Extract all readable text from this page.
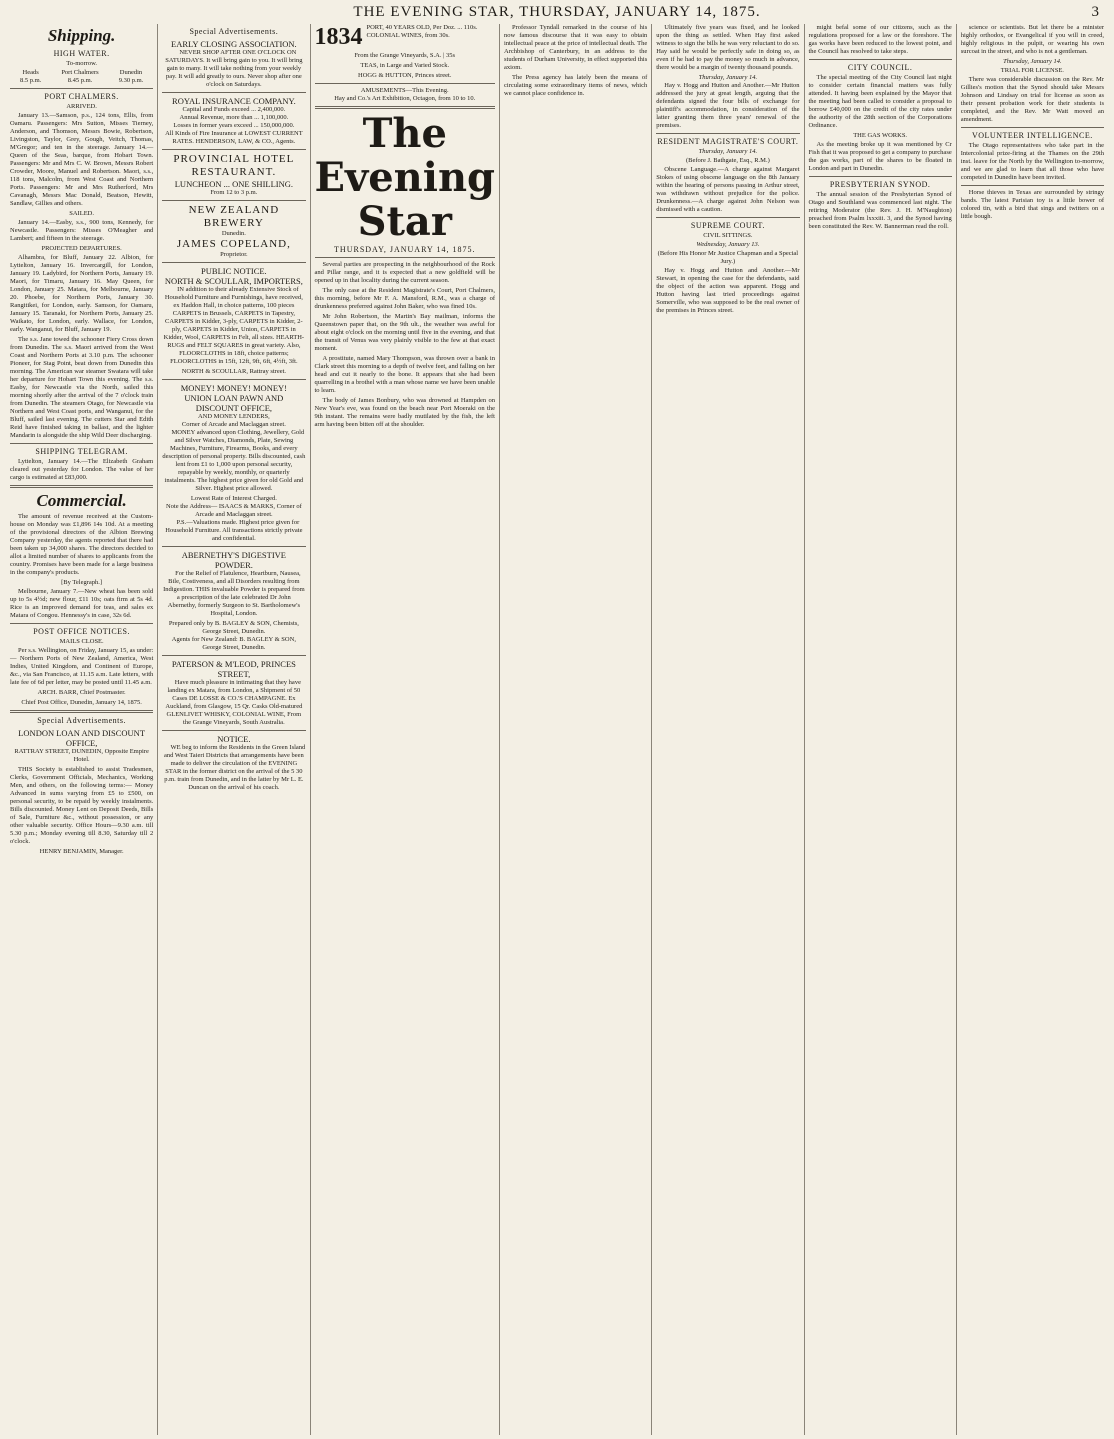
THE EVENING STAR, THURSDAY, JANUARY 14, 1875.	3
Shipping.
HIGH WATER.
To-morrow.
Heads
8.5 p.m.
Port Chalmers
8.45 p.m.
Dunedin
9.30 p.m.
PORT CHALMERS.
ARRIVED.

January 13.—Samson, p.s., 124 tons, Ellis, from Oamaru. Passengers: Mrs Sutton, Misses Tierney, Anderson, and Thomson, Messrs Bowie, Robertson, Livingston, Taylor, Grey, Gough, Veitch, Thomas, M'Gregor; and ten in the steerage. January 14.—Queen of the Seas, barque, from Hobart Town. Passengers: Mr and Mrs C. W. Brown, Messrs Robert Crowder, Moore, Manuel and Robertson. Maori, s.s., 118 tons, Malcolm, from West Coast and Northern Ports. Passengers: Mr and Mrs Rutherford, Mrs Cavanagh, Messrs Mac Donald, Beatson, Hewitt, Sandlaw, Gillies and others.

SAILED.

January 14.—Easby, s.s., 900 tons, Kennedy, for Newcastle. Passengers: Misses O'Meagher and Lambert; and fifteen in the steerage.

PROJECTED DEPARTURES.

Alhambra, for Bluff, January 22. Albion, for Lyttelton, January 16. Invercargill, for London, January 19. Ladybird, for Northern Ports, January 19. Maori, for Timaru, January 16. May Queen, for London, January 25. Matara, for Melbourne, January 20. Phoebe, for Northern Ports, January 30. Rangitikei, for London, early. Samson, for Oamaru, January 15. Taranaki, for Northern Ports, January 25. Waikato, for London, early. Wallace, for London, early. Wanganui, for Bluff, January 19.

The s.s. Jane towed the schooner Fiery Cross down from Dunedin. The s.s. Maori arrived from the West Coast and Northern Ports at 3.10 p.m. The schooner Pioneer, for Stag Point, beat down from Dunedin this morning. The American war steamer Swatara will take her departure for Hobart Town this evening. The s.s. Easby, for Newcastle via the North, sailed this morning shortly after the arrival of the 7 o'clock train from Dunedin. The steamers Otago, for Newcastle via Northern and West Coast ports, and Wanganui, for the Bluff, sailed last evening. The cutters Star and Edith Reid have finished taking in ballast, and the lighter Mandarin is alongside the ship Wild Deer discharging.

SHIPPING TELEGRAM.

Lyttelton, January 14.—The Elizabeth Graham cleared out yesterday for London. The value of her cargo is estimated at £83,000.

Commercial.

The amount of revenue received at the Custom-house on Monday was £1,896 14s 10d. At a meeting of the provisional directors of the Albion Brewing Company yesterday, the agents reported that there had been taken up 34,000 shares. The directors decided to allot a limited number of shares to applicants from the country. Promises have been made for a large business in the company's products.

[By Telegraph.]

Melbourne, January 7.—New wheat has been sold up to 5s 4½d; new flour, £11 10s; oats firm at 5s 4d. Rice is an improved demand for teas, and sales ex Matara of Congou. Hennessy's in case, 32s 6d.

POST OFFICE NOTICES.
MAILS CLOSE.

Per s.s. Wellington, on Friday, January 15, as under:— Northern Ports of New Zealand, America, West Indies, United Kingdom, and Continent of Europe, &c., via San Francisco, at 11.15 a.m. Late letters, with late fee of 6d per letter, may be posted until 11.45 a.m.

ARCH. BARR, Chief Postmaster.
Chief Post Office, Dunedin, January 14, 1875.
Special Advertisements.
LONDON LOAN AND DISCOUNT OFFICE,
RATTRAY STREET, DUNEDIN, Opposite Empire Hotel.

THIS Society is established to assist Tradesmen, Clerks, Government Officials, Mechanics, Working Men, and others, on the following terms:— Money Advanced in sums varying from £5 to £500, on personal security, to be repaid by weekly instalments. Bills discounted. Money Lent on Deposit Deeds, Bills of Sale, Furniture &c., without possession, or any other valuable security. Office Hours—9.30 a.m. till 5.30 p.m.; Monday evening till 8.30, Saturday till 2 o'clock.

HENRY BENJAMIN, Manager.
Special Advertisements.
EARLY CLOSING ASSOCIATION.

NEVER SHOP AFTER ONE O'CLOCK ON SATURDAYS. It will bring gain to you. It will bring gain to many. It will take nothing from your weekly pay. It will add greatly to ours. Never shop after one o'clock on Saturdays.

ROYAL INSURANCE COMPANY.
Capital and Funds exceed ... 2,400,000.
Annual Revenue, more than ... 1,100,000.
Losses in former years exceed ... 150,000,000.
All Kinds of Fire Insurance at LOWEST CURRENT RATES. HENDERSON, LAW, & CO., Agents.
PROVINCIAL HOTEL RESTAURANT.
LUNCHEON ... ONE SHILLING.
From 12 to 3 p.m.
NEW ZEALAND BREWERY
Dunedin.
JAMES COPELAND,
Proprietor.
PUBLIC NOTICE.
NORTH & SCOULLAR, IMPORTERS,

IN addition to their already Extensive Stock of Household Furniture and Furnishings, have received, ex Haddon Hall, in choice patterns, 100 pieces CARPETS in Brussels, CARPETS in Tapestry, CARPETS in Kidder, 3-ply, CARPETS in Kidder, 2-ply, CARPETS in Kidder, Union, CARPETS in Kidder, Wool, CARPETS in Felt, all sizes. HEARTH-RUGS and FELT SQUARES in great variety. Also, FLOORCLOTHS in 18ft, choice patterns; FLOORCLOTHS in 15ft, 12ft, 9ft, 6ft, 4½ft, 3ft.

NORTH & SCOULLAR, Rattray street.
MONEY! MONEY! MONEY!
UNION LOAN PAWN AND DISCOUNT OFFICE,
AND MONEY LENDERS,
Corner of Arcade and Maclaggan street.

MONEY advanced upon Clothing, Jewellery, Gold and Silver Watches, Diamonds, Plate, Sewing Machines, Furniture, Firearms, Books, and every description of personal property. Bills discounted, cash lent from £1 to 1,000 upon personal security, repayable by weekly, monthly, or quarterly instalments. The highest price given for old Gold and Silver. Highest price allowed.

Lowest Rate of Interest Charged.
Note the Address— ISAACS & MARKS, Corner of Arcade and Maclaggan street.

P.S.—Valuations made. Highest price given for Household Furniture. All transactions strictly private and confidential.

ABERNETHY'S DIGESTIVE POWDER.

For the Relief of Flatulence, Heartburn, Nausea, Bile, Costiveness, and all Disorders resulting from Indigestion. THIS invaluable Powder is prepared from a prescription of the late celebrated Dr John Abernethy, formerly Surgeon to St. Bartholomew's Hospital, London.

Prepared only by B. BAGLEY & SON, Chemists, George Street, Dunedin.
Agents for New Zealand: B. BAGLEY & SON, George Street, Dunedin.
PATERSON & M'LEOD, PRINCES STREET,

Have much pleasure in intimating that they have landing ex Matara, from London, a Shipment of 50 Cases DE LOSSE & CO.'S CHAMPAGNE. Ex Auckland, from Glasgow, 15 Qr. Casks Old-matured GLENLIVET WHISKY, COLONIAL WINE, From the Grange Vineyards, South Australia.

NOTICE.

WE beg to inform the Residents in the Green Island and West Taieri Districts that arrangements have been made to deliver the circulation of the EVENING STAR in the former district on the arrival of the 5 30 p.m. train from Dunedin, and in the latter by Mr L. E. Duncan on the arrival of his coach.

1834 PORT, 40 YEARS OLD, Per Doz. ... 110s.
COLONIAL WINES, from 30s.
From the Grange Vineyards, S.A. | 35s
TEAS, in Large and Varied Stock.
HOGG & HUTTON, Princes street.
AMUSEMENTS—This Evening.
Hay and Co.'s Art Exhibition, Octagon, from 10 to 10.
The Evening Star
THURSDAY, JANUARY 14, 1875.

Several parties are prospecting in the neighbourhood of the Rock and Pillar range, and it is expected that a new goldfield will be opened up in that locality during the current season.

The only case at the Resident Magistrate's Court, Port Chalmers, this morning, before Mr F. A. Mansford, R.M., was a charge of drunkenness preferred against John Baker, who was fined 10s.

Mr John Robertson, the Martin's Bay mailman, informs the Queenstown paper that, on the 9th ult., the weather was awful for about eight o'clock on the morning until five in the evening, and that the transit of Venus was very plainly visible to the few at that exact moment.

A prostitute, named Mary Thompson, was thrown over a bank in Clark street this morning to a depth of twelve feet, and falling on her head and cut it nearly to the bone. It appears that she had been quarrelling in a brothel with a man whose name we have been unable to learn.

The body of James Bonbury, who was drowned at Hampden on New Year's eve, was found on the beach near Port Moeraki on the 9th instant. The remains were badly mutilated by the fish, the left arm having been bitten off at the shoulder.

Professor Tyndall remarked in the course of his now famous discourse that it was easy to obtain intellectual peace at the price of intellectual death. The Archbishop of Canterbury, in an address to the students of Durham University, in effect supported this axiom.

The Press agency has lately been the means of circulating some extraordinary items of news, which we cannot place confidence in.

Ultimately five years was fixed, and he looked upon the thing as settled. When Hay first asked witness to sign the bills he was very reluctant to do so. Hay said he would be perfectly safe in doing so, as even if he had to pay the money so much in advance, there would be a margin of twenty thousand pounds.

Thursday, January 14.

Hay v. Hogg and Hutton and Another.—Mr Hutton addressed the jury at great length, arguing that the defendants signed the four bills of exchange for plaintiff's accommodation, in consideration of the latter granting them three years' renewal of the premises.

RESIDENT MAGISTRATE'S COURT.
Thursday, January 14.
(Before J. Bathgate, Esq., R.M.)

Obscene Language.—A charge against Margaret Stokes of using obscene language on the 8th January within the hearing of persons passing in Arthur street, was withdrawn without prejudice for the police. Drunkenness.—A charge against John Nelson was dismissed with a caution.

SUPREME COURT.
CIVIL SITTINGS.
Wednesday, January 13.
(Before His Honor Mr Justice Chapman and a Special Jury.)

Hay v. Hogg and Hutton and Another.—Mr Stewart, in opening the case for the defendants, said the object of the action was apparent. Hogg and Hutton having last tried proceedings against Somerville, who was supposed to be the real owner of the premises in Princes street.

might befal some of our citizens, such as the regulations proposed for a law or the foreshore. The gas works have been reduced to the lowest point, and the Council has resolved to take steps.

CITY COUNCIL.

The special meeting of the City Council last night to consider certain financial matters was fully attended. It having been explained by the Mayor that the meeting had been called to consider a proposal to borrow £40,000 on the credit of the city rates under the authority of the 28th section of the Corporations Ordinance.

THE GAS WORKS.

As the meeting broke up it was mentioned by Cr Fish that it was proposed to get a company to purchase the gas works, part of the shares to be floated in London and part in Dunedin.

PRESBYTERIAN SYNOD.

The annual session of the Presbyterian Synod of Otago and Southland was commenced last night. The retiring Moderator (the Rev. J. H. M'Naughton) preached from Psalm lxxxiii. 3, and the Synod having been constituted the Rev. W. Bannerman read the roll.

science or scientists. But let there be a minister highly orthodox, or Evangelical if you will in creed, highly religious in the pulpit, or wearing his own surcoat in the street, and who is not a gentleman.

Thursday, January 14.
TRIAL FOR LICENSE.

There was considerable discussion on the Rev. Mr Gillies's motion that the Synod should take Messrs Johnson and Lindsay on trial for license as soon as their present probation work for their students is completed, and the Rev. Mr Watt moved an amendment.

VOLUNTEER INTELLIGENCE.

The Otago representatives who take part in the Intercolonial prize-firing at the Thames on the 29th inst. leave for the North by the Wellington to-morrow, and we are glad to learn that all those who have competed in Dunedin have been invited.

Horse thieves in Texas are surrounded by stringy bands. The latest Parisian toy is a little bower of colored tin, with a bird that sings and twitters on a little bough.
